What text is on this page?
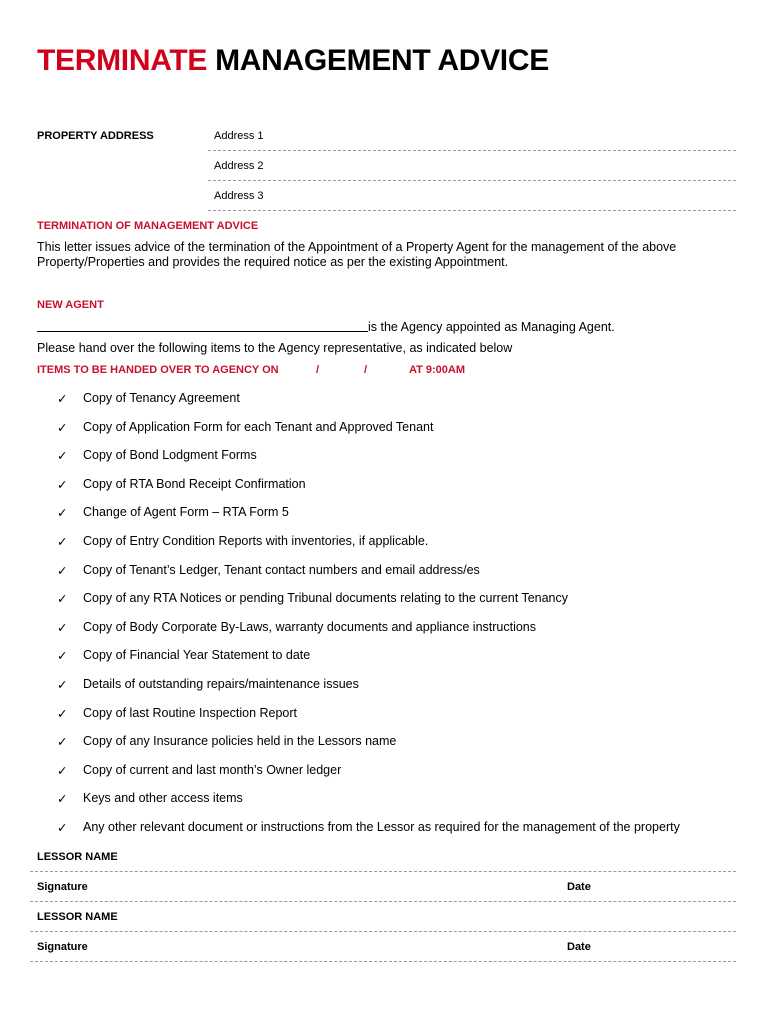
TERMINATE MANAGEMENT ADVICE
PROPERTY ADDRESS	Address 1
Address 2
Address 3
TERMINATION OF MANAGEMENT ADVICE
This letter issues advice of the termination of the Appointment of a Property Agent for the management of the above Property/Properties and provides the required notice as per the existing Appointment.
NEW AGENT
is the Agency appointed as Managing Agent.
Please hand over the following items to the Agency representative, as indicated below
ITEMS TO BE HANDED OVER TO AGENCY ON	/	/	AT 9:00AM
✓	Copy of Tenancy Agreement
✓	Copy of Application Form for each Tenant and Approved Tenant
✓	Copy of Bond Lodgment Forms
✓	Copy of RTA Bond Receipt Confirmation
✓	Change of Agent Form – RTA Form 5
✓	Copy of Entry Condition Reports with inventories, if applicable.
✓	Copy of Tenant’s Ledger, Tenant contact numbers and email address/es
✓	Copy of any RTA Notices or pending Tribunal documents relating to the current Tenancy
✓	Copy of Body Corporate By-Laws, warranty documents and appliance instructions
✓	Copy of Financial Year Statement to date
✓	Details of outstanding repairs/maintenance issues
✓	Copy of last Routine Inspection Report
✓	Copy of any Insurance policies held in the Lessors name
✓	Copy of current and last month’s Owner ledger
✓	Keys and other access items
✓	Any other relevant document or instructions from the Lessor as required for the management of the property
LESSOR NAME
Signature	Date
LESSOR NAME
Signature	Date
